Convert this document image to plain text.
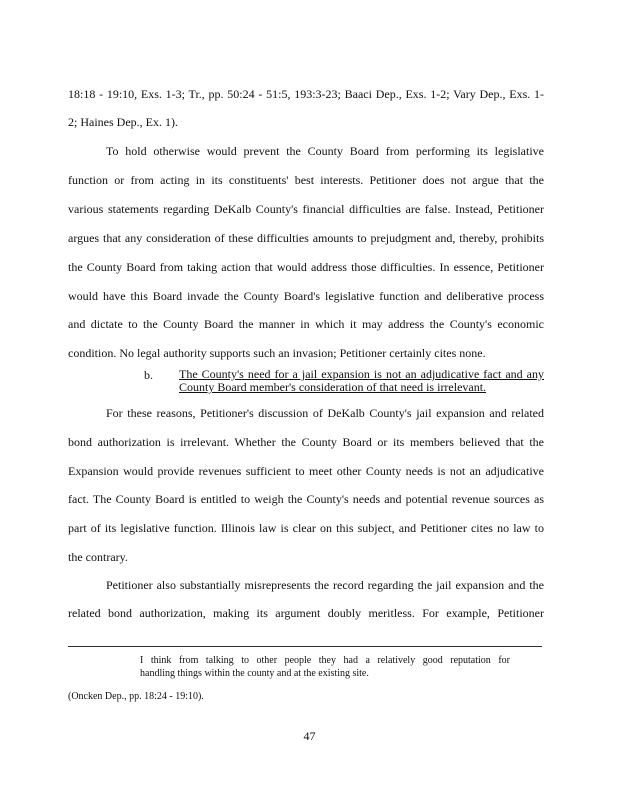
18:18 - 19:10, Exs. 1-3; Tr., pp. 50:24 - 51:5, 193:3-23; Baaci Dep., Exs. 1-2; Vary Dep., Exs. 1-
2; Haines Dep., Ex. 1).
To hold otherwise would prevent the County Board from performing its legislative
function or from acting in its constituents' best interests. Petitioner does not argue that the
various statements regarding DeKalb County's financial difficulties are false. Instead, Petitioner
argues that any consideration of these difficulties amounts to prejudgment and, thereby, prohibits
the County Board from taking action that would address those difficulties. In essence, Petitioner
would have this Board invade the County Board's legislative function and deliberative process
and dictate to the County Board the manner in which it may address the County's economic
condition. No legal authority supports such an invasion; Petitioner certainly cites none.
b. The County's need for a jail expansion is not an adjudicative fact and any
County Board member's consideration of that need is irrelevant.
For these reasons, Petitioner's discussion of DeKalb County's jail expansion and related
bond authorization is irrelevant. Whether the County Board or its members believed that the
Expansion would provide revenues sufficient to meet other County needs is not an adjudicative
fact. The County Board is entitled to weigh the County's needs and potential revenue sources as
part of its legislative function. Illinois law is clear on this subject, and Petitioner cites no law to
the contrary.
Petitioner also substantially misrepresents the record regarding the jail expansion and the
related bond authorization, making its argument doubly meritless. For example, Petitioner
I think from talking to other people they had a relatively good reputation for
handling things within the county and at the existing site.
(Oncken Dep., pp. 18:24 - 19:10).
47
